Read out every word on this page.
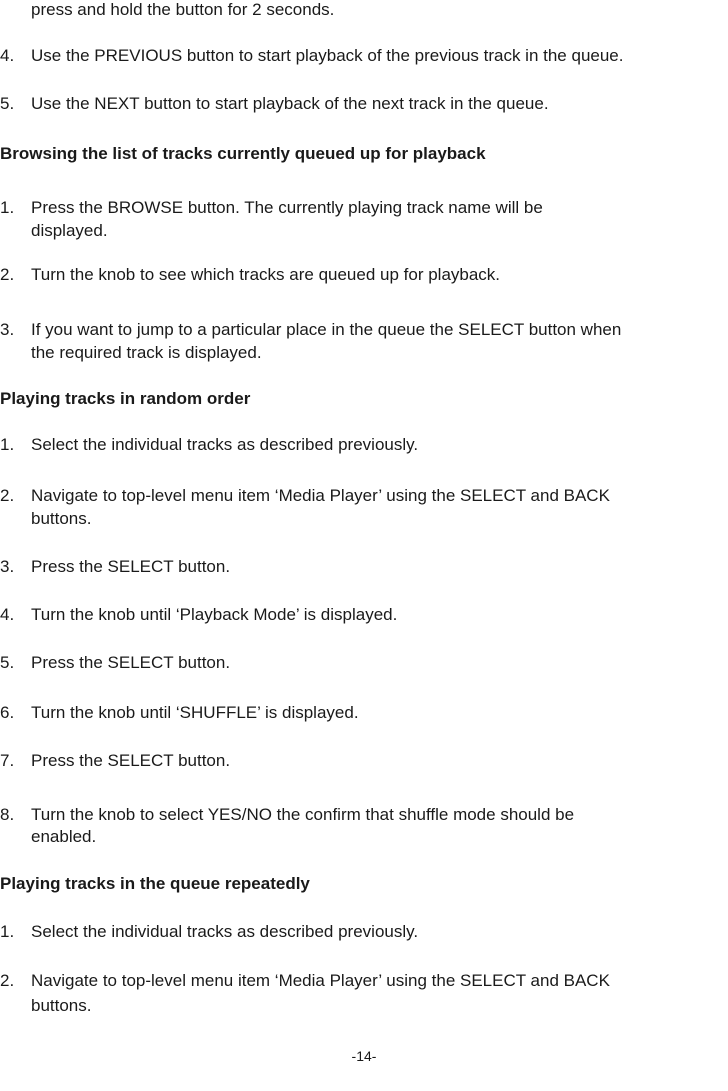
press and hold the button for 2 seconds.
4. Use the PREVIOUS button to start playback of the previous track in the queue.
5. Use the NEXT button to start playback of the next track in the queue.
Browsing the list of tracks currently queued up for playback
1. Press the BROWSE button. The currently playing track name will be
displayed.
2. Turn the knob to see which tracks are queued up for playback.
3. If you want to jump to a particular place in the queue the SELECT button when
the required track is displayed.
Playing tracks in random order
1. Select the individual tracks as described previously.
2. Navigate to top-level menu item ‘Media Player’ using the SELECT and BACK
buttons.
3. Press the SELECT button.
4. Turn the knob until ‘Playback Mode’ is displayed.
5. Press the SELECT button.
6. Turn the knob until ‘SHUFFLE’ is displayed.
7. Press the SELECT button.
8. Turn the knob to select YES/NO the confirm that shuffle mode should be
enabled.
Playing tracks in the queue repeatedly
1. Select the individual tracks as described previously.
2. Navigate to top-level menu item ‘Media Player’ using the SELECT and BACK
buttons.
-14-
